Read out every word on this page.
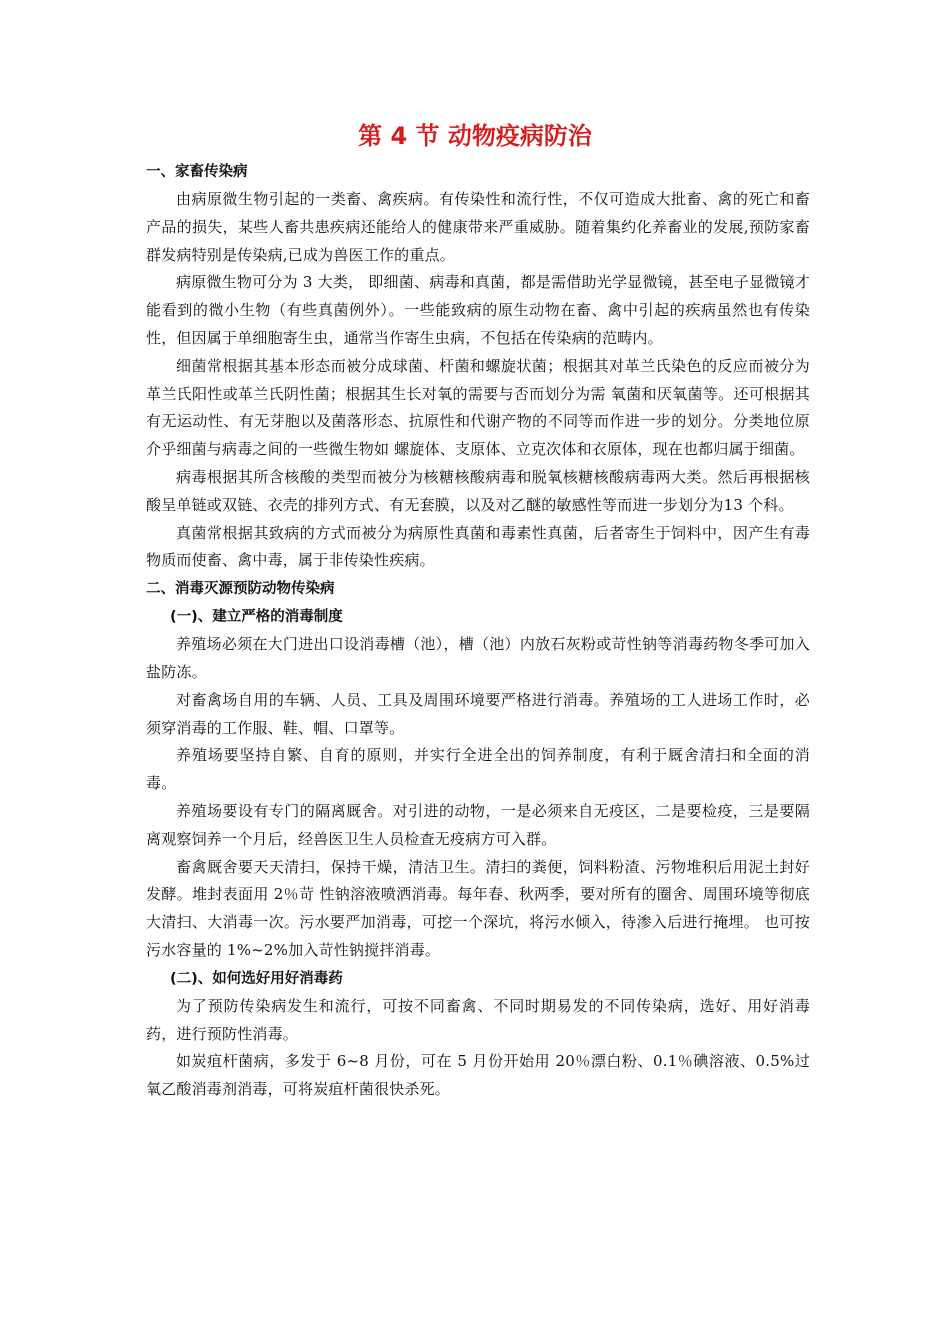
第 4 节 动物疫病防治
一、家畜传染病

由病原微生物引起的一类畜、禽疾病。有传染性和流行性，不仅可造成大批畜、禽的死亡和畜产品的损失，某些人畜共患疾病还能给人的健康带来严重威胁。随着集约化养畜业的发展,预防家畜群发病特别是传染病,已成为兽医工作的重点。

病原微生物可分为 3 大类， 即细菌、病毒和真菌，都是需借助光学显微镜，甚至电子显微镜才能看到的微小生物（有些真菌例外）。一些能致病的原生动物在畜、禽中引起的疾病虽然也有传染性，但因属于单细胞寄生虫，通常当作寄生虫病，不包括在传染病的范畴内。

细菌常根据其基本形态而被分成球菌、杆菌和螺旋状菌；根据其对革兰氏染色的反应而被分为革兰氏阳性或革兰氏阴性菌；根据其生长对氧的需要与否而划分为需 氧菌和厌氧菌等。还可根据其有无运动性、有无芽胞以及菌落形态、抗原性和代谢产物的不同等而作进一步的划分。分类地位原介乎细菌与病毒之间的一些微生物如 螺旋体、支原体、立克次体和衣原体，现在也都归属于细菌。

病毒根据其所含核酸的类型而被分为核糖核酸病毒和脱氧核糖核酸病毒两大类。然后再根据核酸呈单链或双链、衣壳的排列方式、有无套膜，以及对乙醚的敏感性等而进一步划分为13 个科。

真菌常根据其致病的方式而被分为病原性真菌和毒素性真菌，后者寄生于饲料中，因产生有毒物质而使畜、禽中毒，属于非传染性疾病。

二、消毒灭源预防动物传染病
(一)、建立严格的消毒制度

养殖场必须在大门进出口设消毒槽（池），槽（池）内放石灰粉或苛性钠等消毒药物冬季可加入盐防冻。

对畜禽场自用的车辆、人员、工具及周围环境要严格进行消毒。养殖场的工人进场工作时，必须穿消毒的工作服、鞋、帽、口罩等。

养殖场要坚持自繁、自育的原则，并实行全进全出的饲养制度，有利于厩舍清扫和全面的消毒。

养殖场要设有专门的隔离厩舍。对引进的动物，一是必须来自无疫区，二是要检疫，三是要隔离观察饲养一个月后，经兽医卫生人员检查无疫病方可入群。

畜禽厩舍要天天清扫，保持干燥，清洁卫生。清扫的粪便，饲料粉渣、污物堆积后用泥土封好发酵。堆封表面用 2％苛 性钠溶液喷洒消毒。每年春、秋两季，要对所有的圈舍、周围环境等彻底大清扫、大消毒一次。污水要严加消毒，可挖一个深坑，将污水倾入，待渗入后进行掩埋。 也可按污水容量的 1%~2%加入苛性钠搅拌消毒。

(二)、如何选好用好消毒药

为了预防传染病发生和流行，可按不同畜禽、不同时期易发的不同传染病，选好、用好消毒药，进行预防性消毒。

如炭疽杆菌病，多发于 6~8 月份，可在 5 月份开始用 20％漂白粉、0.1％碘溶液、0.5%过氧乙酸消毒剂消毒，可将炭疽杆菌很快杀死。
